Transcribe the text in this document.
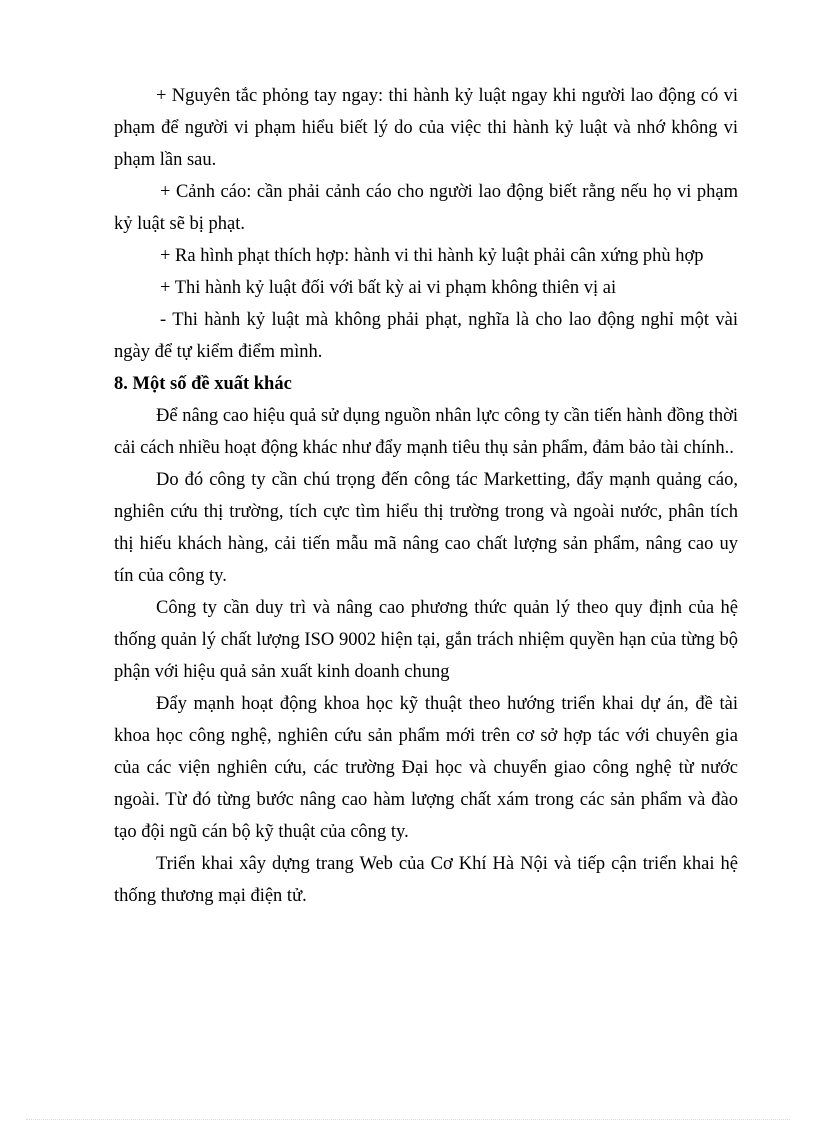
+ Nguyên tắc phỏng tay ngay: thi hành kỷ luật ngay khi người lao động có vi phạm để người vi phạm hiểu biết lý do của việc thi hành kỷ luật và nhớ không vi phạm lần sau.

+ Cảnh cáo: cần phải cảnh cáo cho người lao động biết rằng nếu họ vi phạm kỷ luật sẽ bị phạt.

+ Ra hình phạt thích hợp: hành vi thi hành kỷ luật phải cân xứng phù hợp

+ Thi hành kỷ luật đối với bất kỳ ai vi phạm không thiên vị ai

- Thi hành kỷ luật mà không phải phạt, nghĩa là cho lao động nghỉ một vài ngày để tự kiểm điểm mình.

8. Một số đề xuất khác

Để nâng cao hiệu quả sử dụng nguồn nhân lực công ty cần tiến hành đồng thời cải cách nhiều hoạt động khác như đẩy mạnh tiêu thụ sản phẩm, đảm bảo tài chính..

Do đó công ty cần chú trọng đến công tác Marketting, đẩy mạnh quảng cáo, nghiên cứu thị trường, tích cực tìm hiểu thị trường trong và ngoài nước, phân tích thị hiếu khách hàng, cải tiến mẫu mã nâng cao chất lượng sản phẩm, nâng cao uy tín của công ty.

Công ty cần duy trì và nâng cao phương thức quản lý theo quy định của hệ thống quản lý chất lượng ISO 9002 hiện tại, gắn trách nhiệm quyền hạn của từng bộ phận với hiệu quả sản xuất kinh doanh chung

Đẩy mạnh hoạt động khoa học kỹ thuật theo hướng triển khai dự án, đề tài khoa học công nghệ, nghiên cứu sản phẩm mới trên cơ sở hợp tác với chuyên gia của các viện nghiên cứu, các trường Đại học và chuyển giao công nghệ từ nước ngoài. Từ đó từng bước nâng cao hàm lượng chất xám trong các sản phẩm và đào tạo đội ngũ cán bộ kỹ thuật của công ty.

Triển khai xây dựng trang Web của Cơ Khí Hà Nội và tiếp cận triển khai hệ thống thương mại điện tử.
